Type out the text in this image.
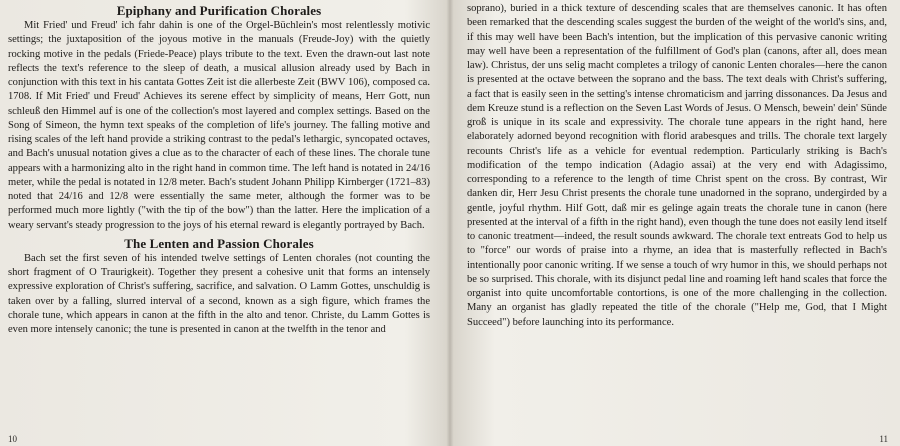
Epiphany and Purification Chorales

Mit Fried' und Freud' ich fahr dahin is one of the Orgel-Büchlein's most relentlessly motivic settings; the juxtaposition of the joyous motive in the manuals (Freude-Joy) with the quietly rocking motive in the pedals (Friede-Peace) plays tribute to the text. Even the drawn-out last note reflects the text's reference to the sleep of death, a musical allusion already used by Bach in conjunction with this text in his cantata Gottes Zeit ist die allerbeste Zeit (BWV 106), composed ca. 1708. If Mit Fried' und Freud' Achieves its serene effect by simplicity of means, Herr Gott, nun schleuß den Himmel auf is one of the collection's most layered and complex settings. Based on the Song of Simeon, the hymn text speaks of the completion of life's journey. The falling motive and rising scales of the left hand provide a striking contrast to the pedal's lethargic, syncopated octaves, and Bach's unusual notation gives a clue as to the character of each of these lines. The chorale tune appears with a harmonizing alto in the right hand in common time. The left hand is notated in 24/16 meter, while the pedal is notated in 12/8 meter. Bach's student Johann Philipp Kirnberger (1721–83) noted that 24/16 and 12/8 were essentially the same meter, although the former was to be performed much more lightly ("with the tip of the bow") than the latter. Here the implication of a weary servant's steady progression to the joys of his eternal reward is elegantly portrayed by Bach.

The Lenten and Passion Chorales

Bach set the first seven of his intended twelve settings of Lenten chorales (not counting the short fragment of O Traurigkeit). Together they present a cohesive unit that forms an intensely expressive exploration of Christ's suffering, sacrifice, and salvation. O Lamm Gottes, unschuldig is taken over by a falling, slurred interval of a second, known as a sigh figure, which frames the chorale tune, which appears in canon at the fifth in the alto and tenor. Christe, du Lamm Gottes is even more intensely canonic; the tune is presented in canon at the twelfth in the tenor and

10

soprano), buried in a thick texture of descending scales that are themselves canonic. It has often been remarked that the descending scales suggest the burden of the weight of the world's sins, and, if this may well have been Bach's intention, but the implication of this pervasive canonic writing may well have been a representation of the fulfillment of God's plan (canons, after all, does mean law). Christus, der uns selig macht completes a trilogy of canonic Lenten chorales—here the canon is presented at the octave between the soprano and the bass. The text deals with Christ's suffering, a fact that is easily seen in the setting's intense chromaticism and jarring dissonances. Da Jesus and dem Kreuze stund is a reflection on the Seven Last Words of Jesus. O Mensch, bewein' dein' Sünde groß is unique in its scale and expressivity. The chorale tune appears in the right hand, here elaborately adorned beyond recognition with florid arabesques and trills. The chorale text largely recounts Christ's life as a vehicle for eventual redemption. Particularly striking is Bach's modification of the tempo indication (Adagio assai) at the very end with Adagissimo, corresponding to a reference to the length of time Christ spent on the cross. By contrast, Wir danken dir, Herr Jesu Christ presents the chorale tune unadorned in the soprano, undergirded by a gentle, joyful rhythm. Hilf Gott, daß mir es gelinge again treats the chorale tune in canon (here presented at the interval of a fifth in the right hand), even though the tune does not easily lend itself to canonic treatment—indeed, the result sounds awkward. The chorale text entreats God to help us to "force" our words of praise into a rhyme, an idea that is masterfully reflected in Bach's intentionally poor canonic writing. If we sense a touch of wry humor in this, we should perhaps not be so surprised. This chorale, with its disjunct pedal line and roaming left hand scales that force the organist into quite uncomfortable contortions, is one of the more challenging in the collection. Many an organist has gladly repeated the title of the chorale ("Help me, God, that I Might Succeed") before launching into its performance.

11
